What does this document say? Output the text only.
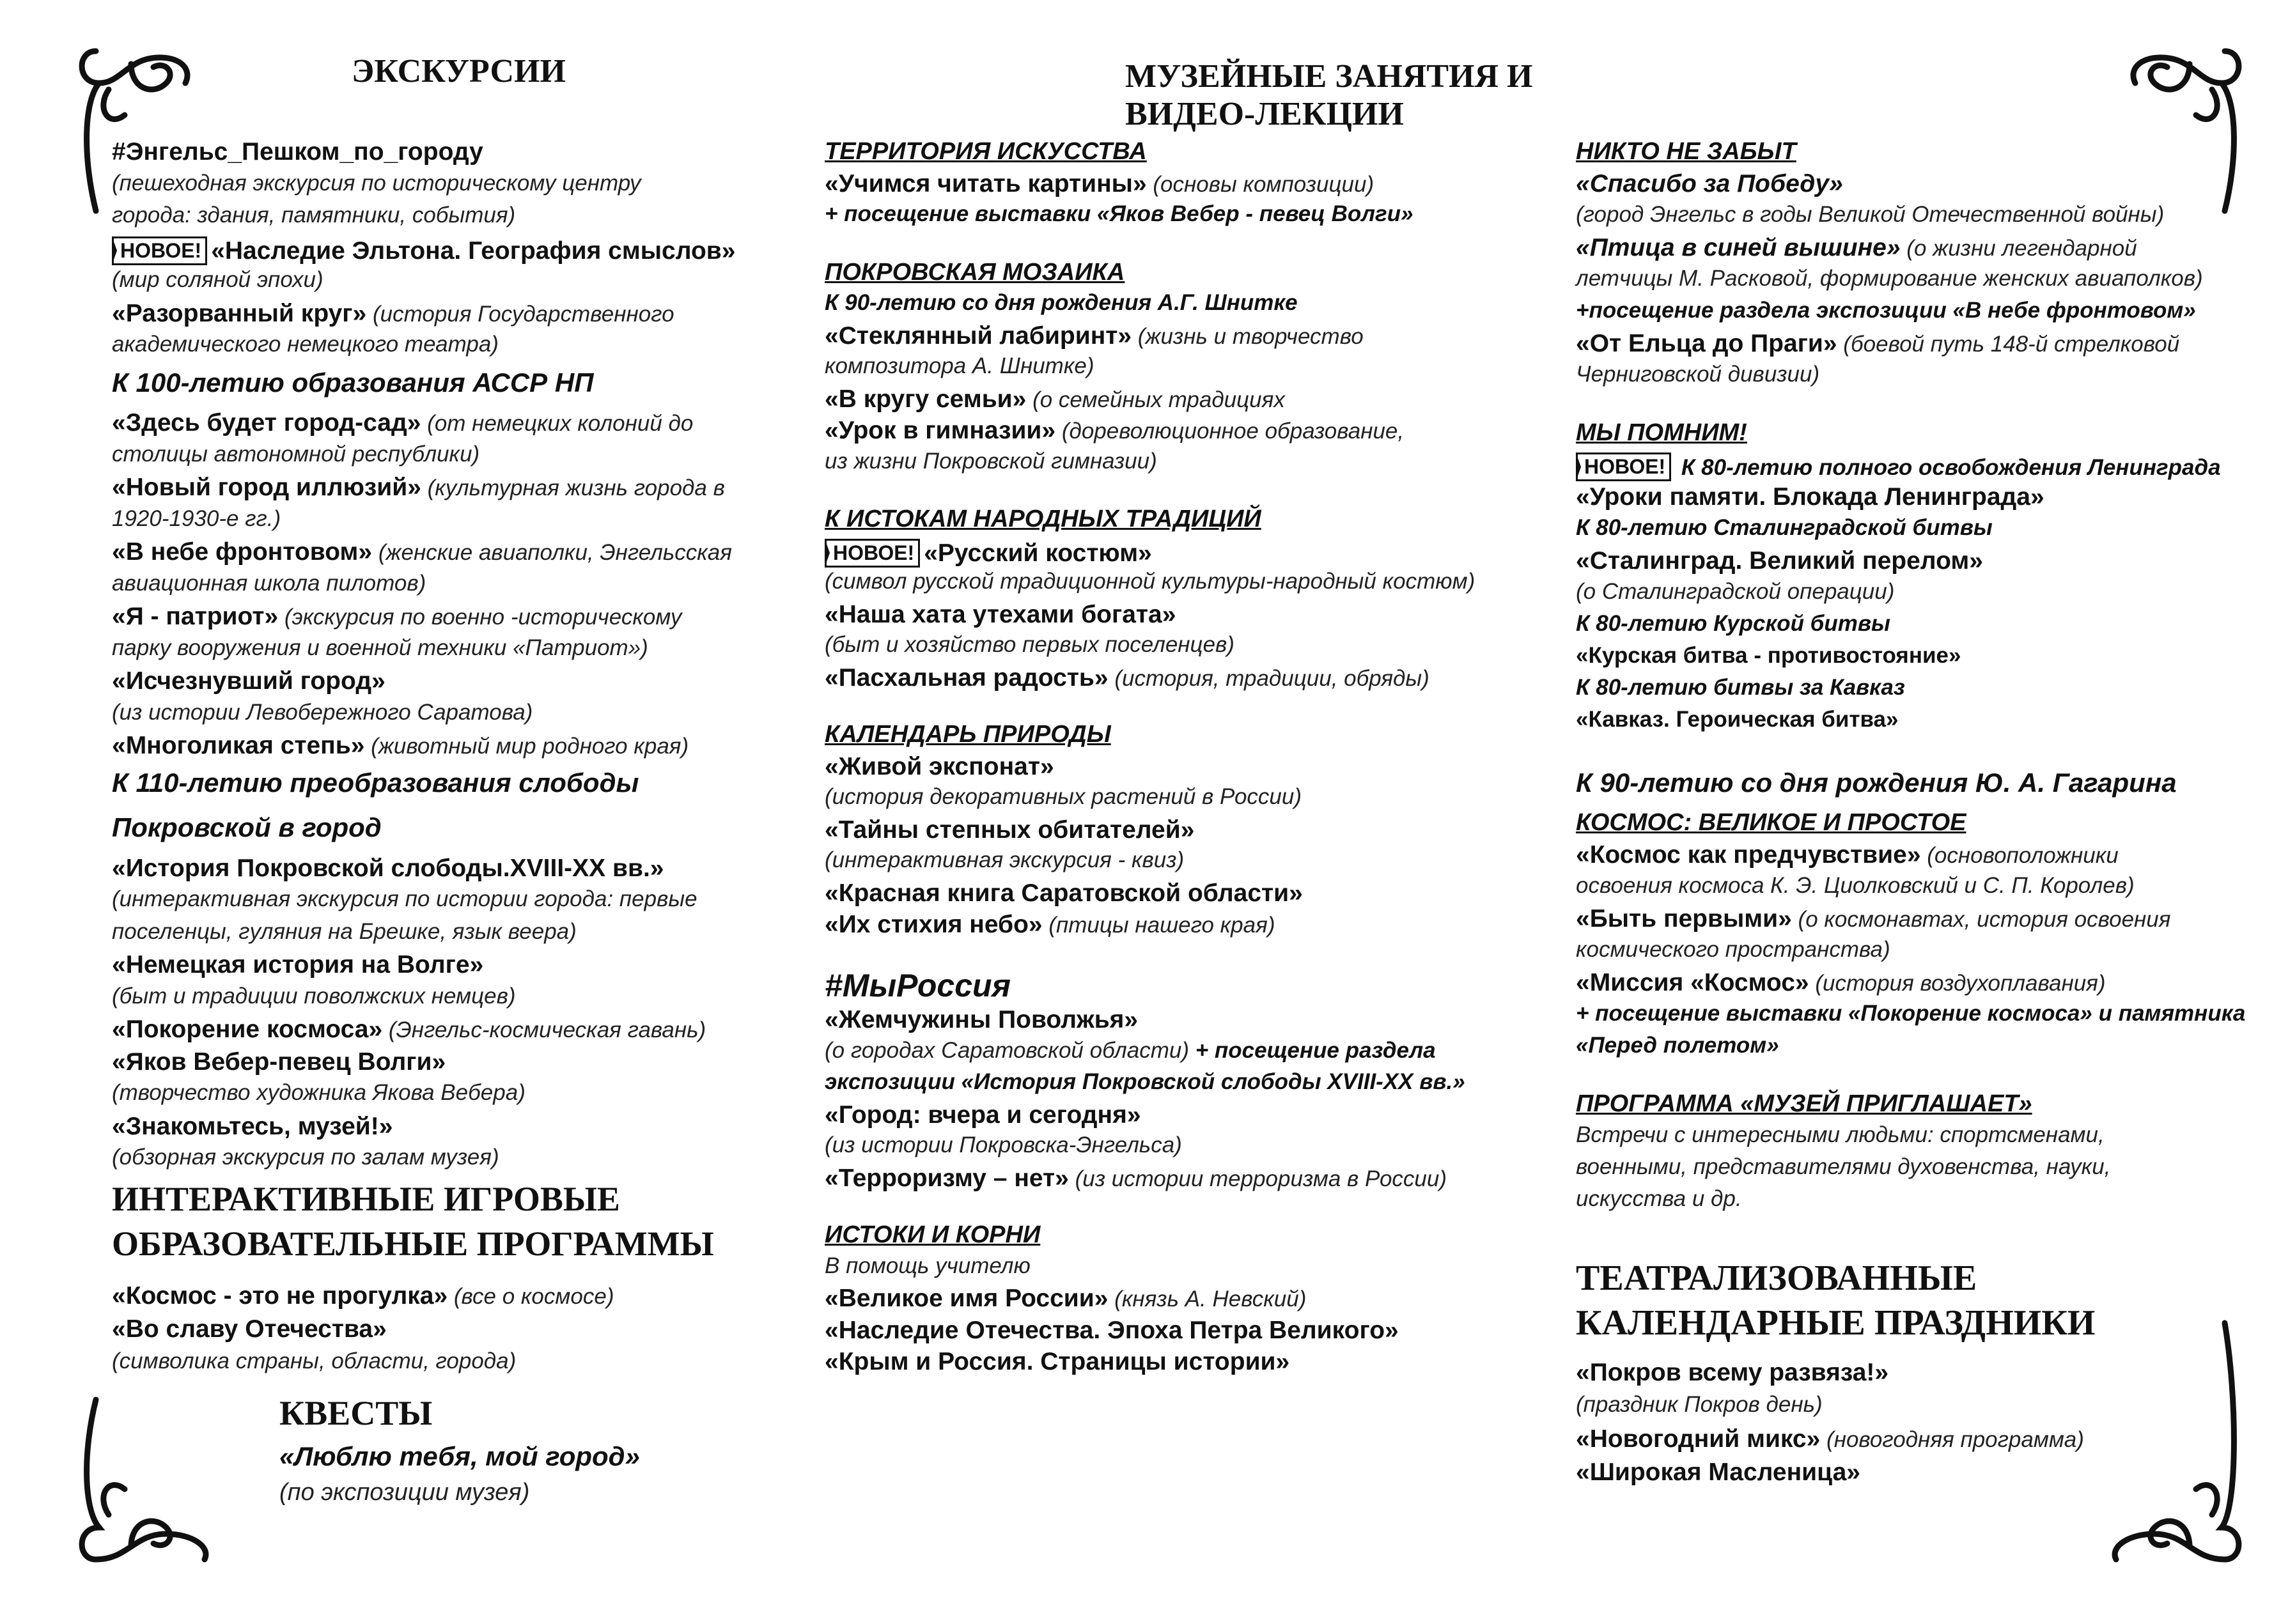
ЭКСКУРСИИ
#Энгельс_Пешком_по_городу
(пешеходная экскурсия по историческому центру
города: здания, памятники, события)
НОВОЕ! «Наследие Эльтона. География смыслов»
(мир соляной эпохи)
«Разорванный круг» (история Государственного
академического немецкого театра)
К 100-летию образования АССР НП
«Здесь будет город-сад» (от немецких колоний до
столицы автономной республики)
«Новый город иллюзий» (культурная жизнь города в
1920-1930-е гг.)
«В небе фронтовом» (женские авиаполки, Энгельсская
авиационная школа пилотов)
«Я - патриот» (экскурсия по военно -историческому
парку вооружения и военной техники «Патриот»)
«Исчезнувший город»
(из истории Левобережного Саратова)
«Многоликая степь» (животный мир родного края)
К 110-летию преобразования слободы
Покровской в город
«История Покровской слободы.XVIII-XX вв.»
(интерактивная экскурсия по истории города: первые
поселенцы, гуляния на Брешке, язык веера)
«Немецкая история на Волге»
(быт и традиции поволжских немцев)
«Покорение космоса» (Энгельс-космическая гавань)
«Яков Вебер-певец Волги»
(творчество художника Якова Вебера)
«Знакомьтесь, музей!»
(обзорная экскурсия по залам музея)
ИНТЕРАКТИВНЫЕ ИГРОВЫЕ
ОБРАЗОВАТЕЛЬНЫЕ ПРОГРАММЫ
«Космос - это не прогулка» (все о космосе)
«Во славу Отечества»
(символика страны, области, города)
КВЕСТЫ
«Люблю тебя, мой город»
(по экспозиции музея)
МУЗЕЙНЫЕ ЗАНЯТИЯ И ВИДЕО-ЛЕКЦИИ
ТЕРРИТОРИЯ ИСКУССТВА
«Учимся читать картины» (основы композиции)
+ посещение выставки «Яков Вебер - певец Волги»
ПОКРОВСКАЯ МОЗАИКА
К 90-летию со дня рождения А.Г. Шнитке
«Стеклянный лабиринт» (жизнь и творчество
композитора А. Шнитке)
«В кругу семьи» (о семейных традициях
«Урок в гимназии» (дореволюционное образование,
из жизни Покровской гимназии)
К ИСТОКАМ НАРОДНЫХ ТРАДИЦИЙ
НОВОЕ! «Русский костюм»
(символ русской традиционной культуры-народный костюм)
«Наша хата утехами богата»
(быт и хозяйство первых поселенцев)
«Пасхальная радость» (история, традиции, обряды)
КАЛЕНДАРЬ ПРИРОДЫ
«Живой экспонат»
(история декоративных растений в России)
«Тайны степных обитателей»
(интерактивная экскурсия - квиз)
«Красная книга Саратовской области»
«Их стихия небо» (птицы нашего края)
#МыРоссия
«Жемчужины Поволжья»
(о городах Саратовской области) + посещение раздела
экспозиции «История Покровской слободы XVIII-XX вв.»
«Город: вчера и сегодня»
(из истории Покровска-Энгельса)
«Терроризму – нет» (из истории терроризма в России)
ИСТОКИ И КОРНИ
В помощь учителю
«Великое имя России» (князь А. Невский)
«Наследие Отечества. Эпоха Петра Великого»
«Крым и Россия. Страницы истории»
НИКТО НЕ ЗАБЫТ
«Спасибо за Победу»
(город Энгельс в годы Великой Отечественной войны)
«Птица в синей вышине» (о жизни легендарной
летчицы М. Расковой, формирование женских авиаполков)
+посещение раздела экспозиции «В небе фронтовом»
«От Ельца до Праги» (боевой путь 148-й стрелковой
Черниговской дивизии)
МЫ ПОМНИМ!
НОВОЕ! К 80-летию полного освобождения Ленинграда
«Уроки памяти. Блокада Ленинграда»
К 80-летию Сталинградской битвы
«Сталинград. Великий перелом»
(о Сталинградской операции)
К 80-летию Курской битвы
«Курская битва - противостояние»
К 80-летию битвы за Кавказ
«Кавказ. Героическая битва»
К 90-летию со дня рождения Ю. А. Гагарина
КОСМОС: ВЕЛИКОЕ И ПРОСТОЕ
«Космос как предчувствие» (основоположники
освоения космоса К. Э. Циолковский и С. П. Королев)
«Быть первыми» (о космонавтах, история освоения
космического пространства)
«Миссия «Космос» (история воздухоплавания)
+ посещение выставки «Покорение космоса» и памятника
«Перед полетом»
ПРОГРАММА «МУЗЕЙ ПРИГЛАШАЕТ»
Встречи с интересными людьми: спортсменами,
военными, представителями духовенства, науки,
искусства и др.
ТЕАТРАЛИЗОВАННЫЕ
КАЛЕНДАРНЫЕ ПРАЗДНИКИ
«Покров всему развяза!»
(праздник Покров день)
«Новогодний микс» (новогодняя программа)
«Широкая Масленица»
